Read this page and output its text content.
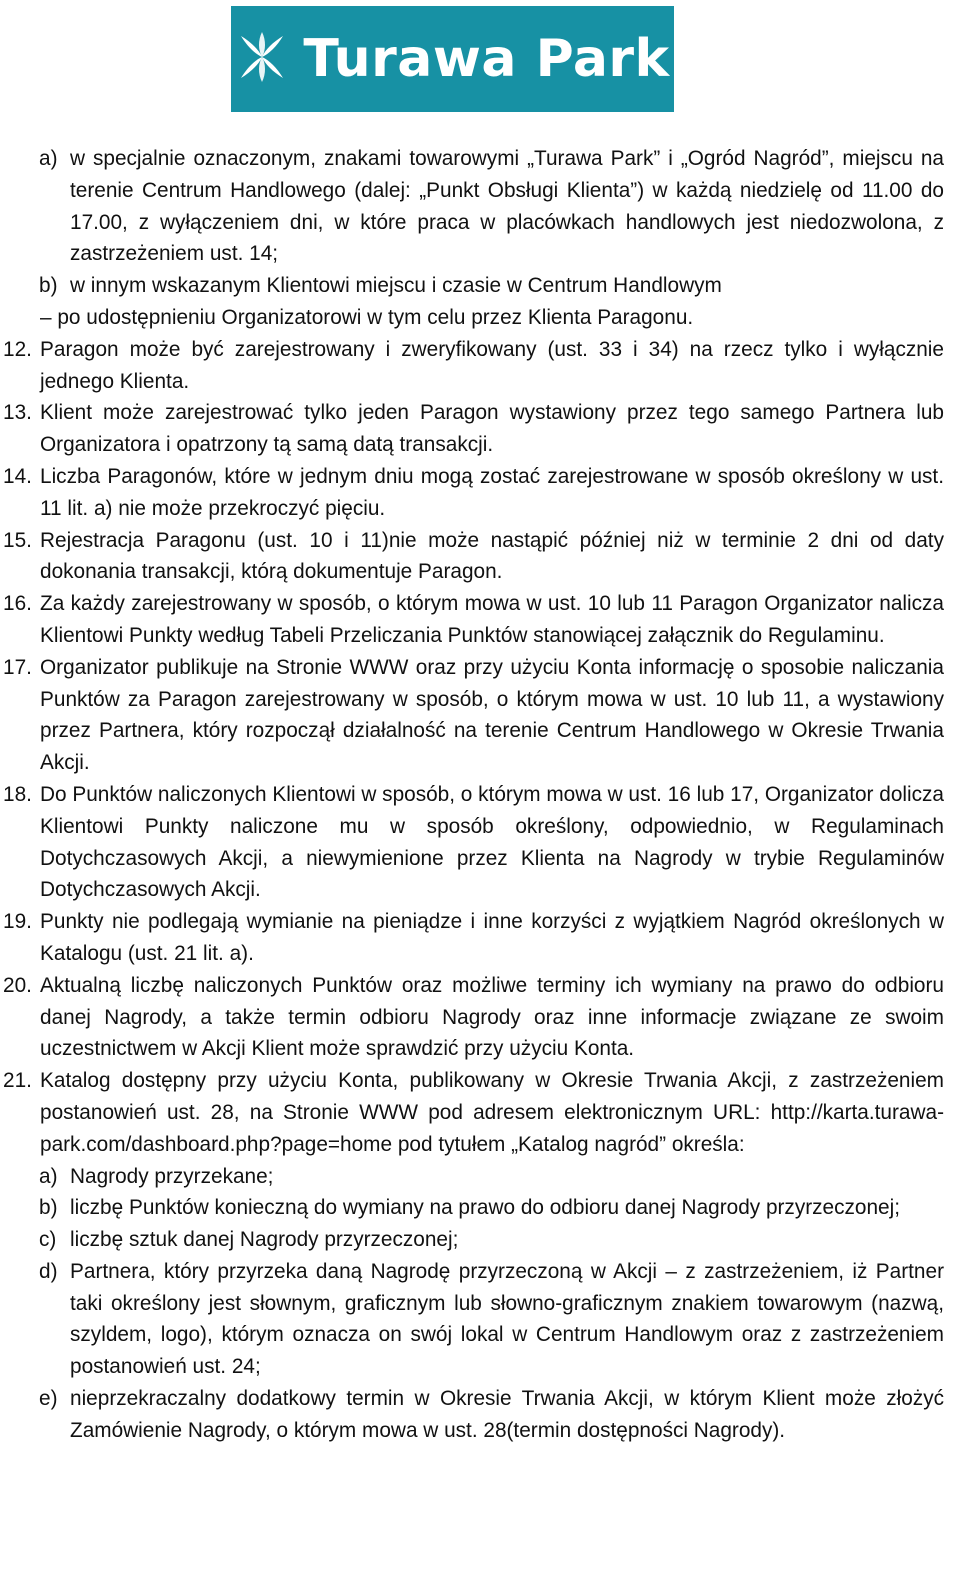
Turawa Park
a) w specjalnie oznaczonym, znakami towarowymi „Turawa Park” i „Ogród Nagród”, miejscu na terenie Centrum Handlowego (dalej: „Punkt Obsługi Klienta”) w każdą niedzielę od 11.00 do 17.00, z wyłączeniem dni, w które praca w placówkach handlowych jest niedozwolona, z zastrzeżeniem ust. 14;
b) w innym wskazanym Klientowi miejscu i czasie w Centrum Handlowym
– po udostępnieniu Organizatorowi w tym celu przez Klienta Paragonu.
12. Paragon może być zarejestrowany i zweryfikowany (ust. 33 i 34) na rzecz tylko i wyłącznie jednego Klienta.
13. Klient może zarejestrować tylko jeden Paragon wystawiony przez tego samego Partnera lub Organizatora i opatrzony tą samą datą transakcji.
14. Liczba Paragonów, które w jednym dniu mogą zostać zarejestrowane w sposób określony w ust. 11 lit. a) nie może przekroczyć pięciu.
15. Rejestracja Paragonu (ust. 10 i 11)nie może nastąpić później niż w terminie 2 dni od daty dokonania transakcji, którą dokumentuje Paragon.
16. Za każdy zarejestrowany w sposób, o którym mowa w ust. 10 lub 11 Paragon Organizator nalicza Klientowi Punkty według Tabeli Przeliczania Punktów stanowiącej załącznik do Regulaminu.
17. Organizator publikuje na Stronie WWW oraz przy użyciu Konta informację o sposobie naliczania Punktów za Paragon zarejestrowany w sposób, o którym mowa w ust. 10 lub 11, a wystawiony przez Partnera, który rozpoczął działalność na terenie Centrum Handlowego w Okresie Trwania Akcji.
18. Do Punktów naliczonych Klientowi w sposób, o którym mowa w ust. 16 lub 17, Organizator dolicza Klientowi Punkty naliczone mu w sposób określony, odpowiednio, w Regulaminach Dotychczasowych Akcji, a niewymienione przez Klienta na Nagrody w trybie Regulaminów Dotychczasowych Akcji.
19. Punkty nie podlegają wymianie na pieniądze i inne korzyści z wyjątkiem Nagród określonych w Katalogu (ust. 21 lit. a).
20. Aktualną liczbę naliczonych Punktów oraz możliwe terminy ich wymiany na prawo do odbioru danej Nagrody, a także termin odbioru Nagrody oraz inne informacje związane ze swoim uczestnictwem w Akcji Klient może sprawdzić przy użyciu Konta.
21. Katalog dostępny przy użyciu Konta, publikowany w Okresie Trwania Akcji, z zastrzeżeniem postanowień ust. 28, na Stronie WWW pod adresem elektronicznym URL: http://karta.turawa-park.com/dashboard.php?page=home pod tytułem „Katalog nagród” określa:
a) Nagrody przyrzekane;
b) liczbę Punktów konieczną do wymiany na prawo do odbioru danej Nagrody przyrzeczonej;
c) liczbę sztuk danej Nagrody przyrzeczonej;
d) Partnera, który przyrzeka daną Nagrodę przyrzeczoną w Akcji – z zastrzeżeniem, iż Partner taki określony jest słownym, graficznym lub słowno-graficznym znakiem towarowym (nazwą, szyldem, logo), którym oznacza on swój lokal w Centrum Handlowym oraz z zastrzeżeniem postanowień ust. 24;
e) nieprzekraczalny dodatkowy termin w Okresie Trwania Akcji, w którym Klient może złożyć Zamówienie Nagrody, o którym mowa w ust. 28(termin dostępności Nagrody).
